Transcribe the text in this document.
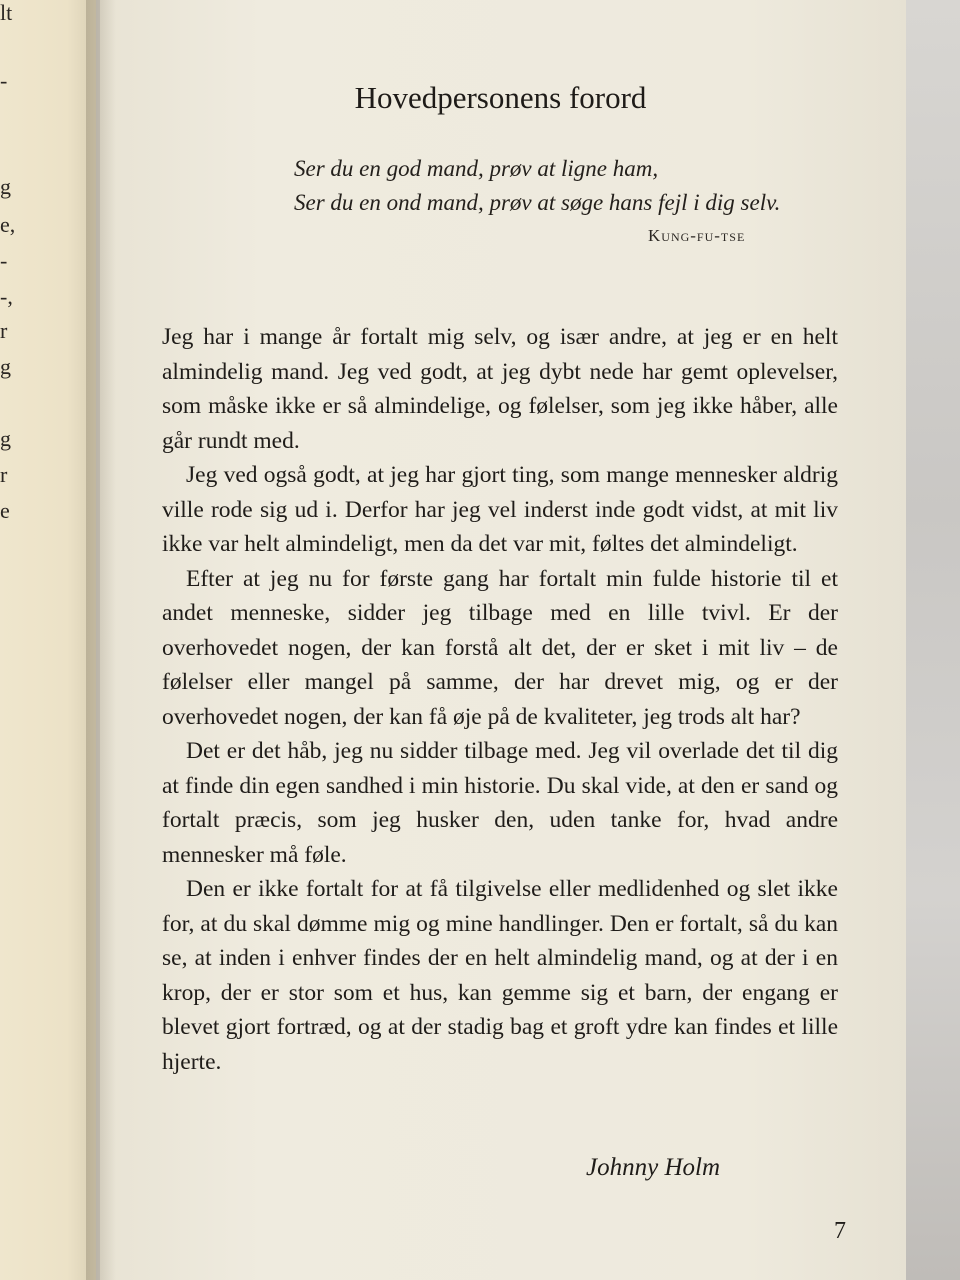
lt
-
g
e,
-
-,
r
g
g
r
e
Hovedpersonens forord
Ser du en god mand, prøv at ligne ham,
Ser du en ond mand, prøv at søge hans fejl i dig selv.
Kung-fu-tse

Jeg har i mange år fortalt mig selv, og især andre, at jeg er en helt almindelig mand. Jeg ved godt, at jeg dybt nede har gemt oplevelser, som måske ikke er så almindelige, og følelser, som jeg ikke håber, alle går rundt med.

Jeg ved også godt, at jeg har gjort ting, som mange mennesker aldrig ville rode sig ud i. Derfor har jeg vel inderst inde godt vidst, at mit liv ikke var helt almindeligt, men da det var mit, føltes det almindeligt.

Efter at jeg nu for første gang har fortalt min fulde historie til et andet menneske, sidder jeg tilbage med en lille tvivl. Er der overhovedet nogen, der kan forstå alt det, der er sket i mit liv – de følelser eller mangel på samme, der har drevet mig, og er der overhovedet nogen, der kan få øje på de kvaliteter, jeg trods alt har?

Det er det håb, jeg nu sidder tilbage med. Jeg vil overlade det til dig at finde din egen sandhed i min historie. Du skal vide, at den er sand og fortalt præcis, som jeg husker den, uden tanke for, hvad andre mennesker må føle.

Den er ikke fortalt for at få tilgivelse eller medlidenhed og slet ikke for, at du skal dømme mig og mine handlinger. Den er fortalt, så du kan se, at inden i enhver findes der en helt almindelig mand, og at der i en krop, der er stor som et hus, kan gemme sig et barn, der engang er blevet gjort fortræd, og at der stadig bag et groft ydre kan findes et lille hjerte.

Johnny Holm
7
